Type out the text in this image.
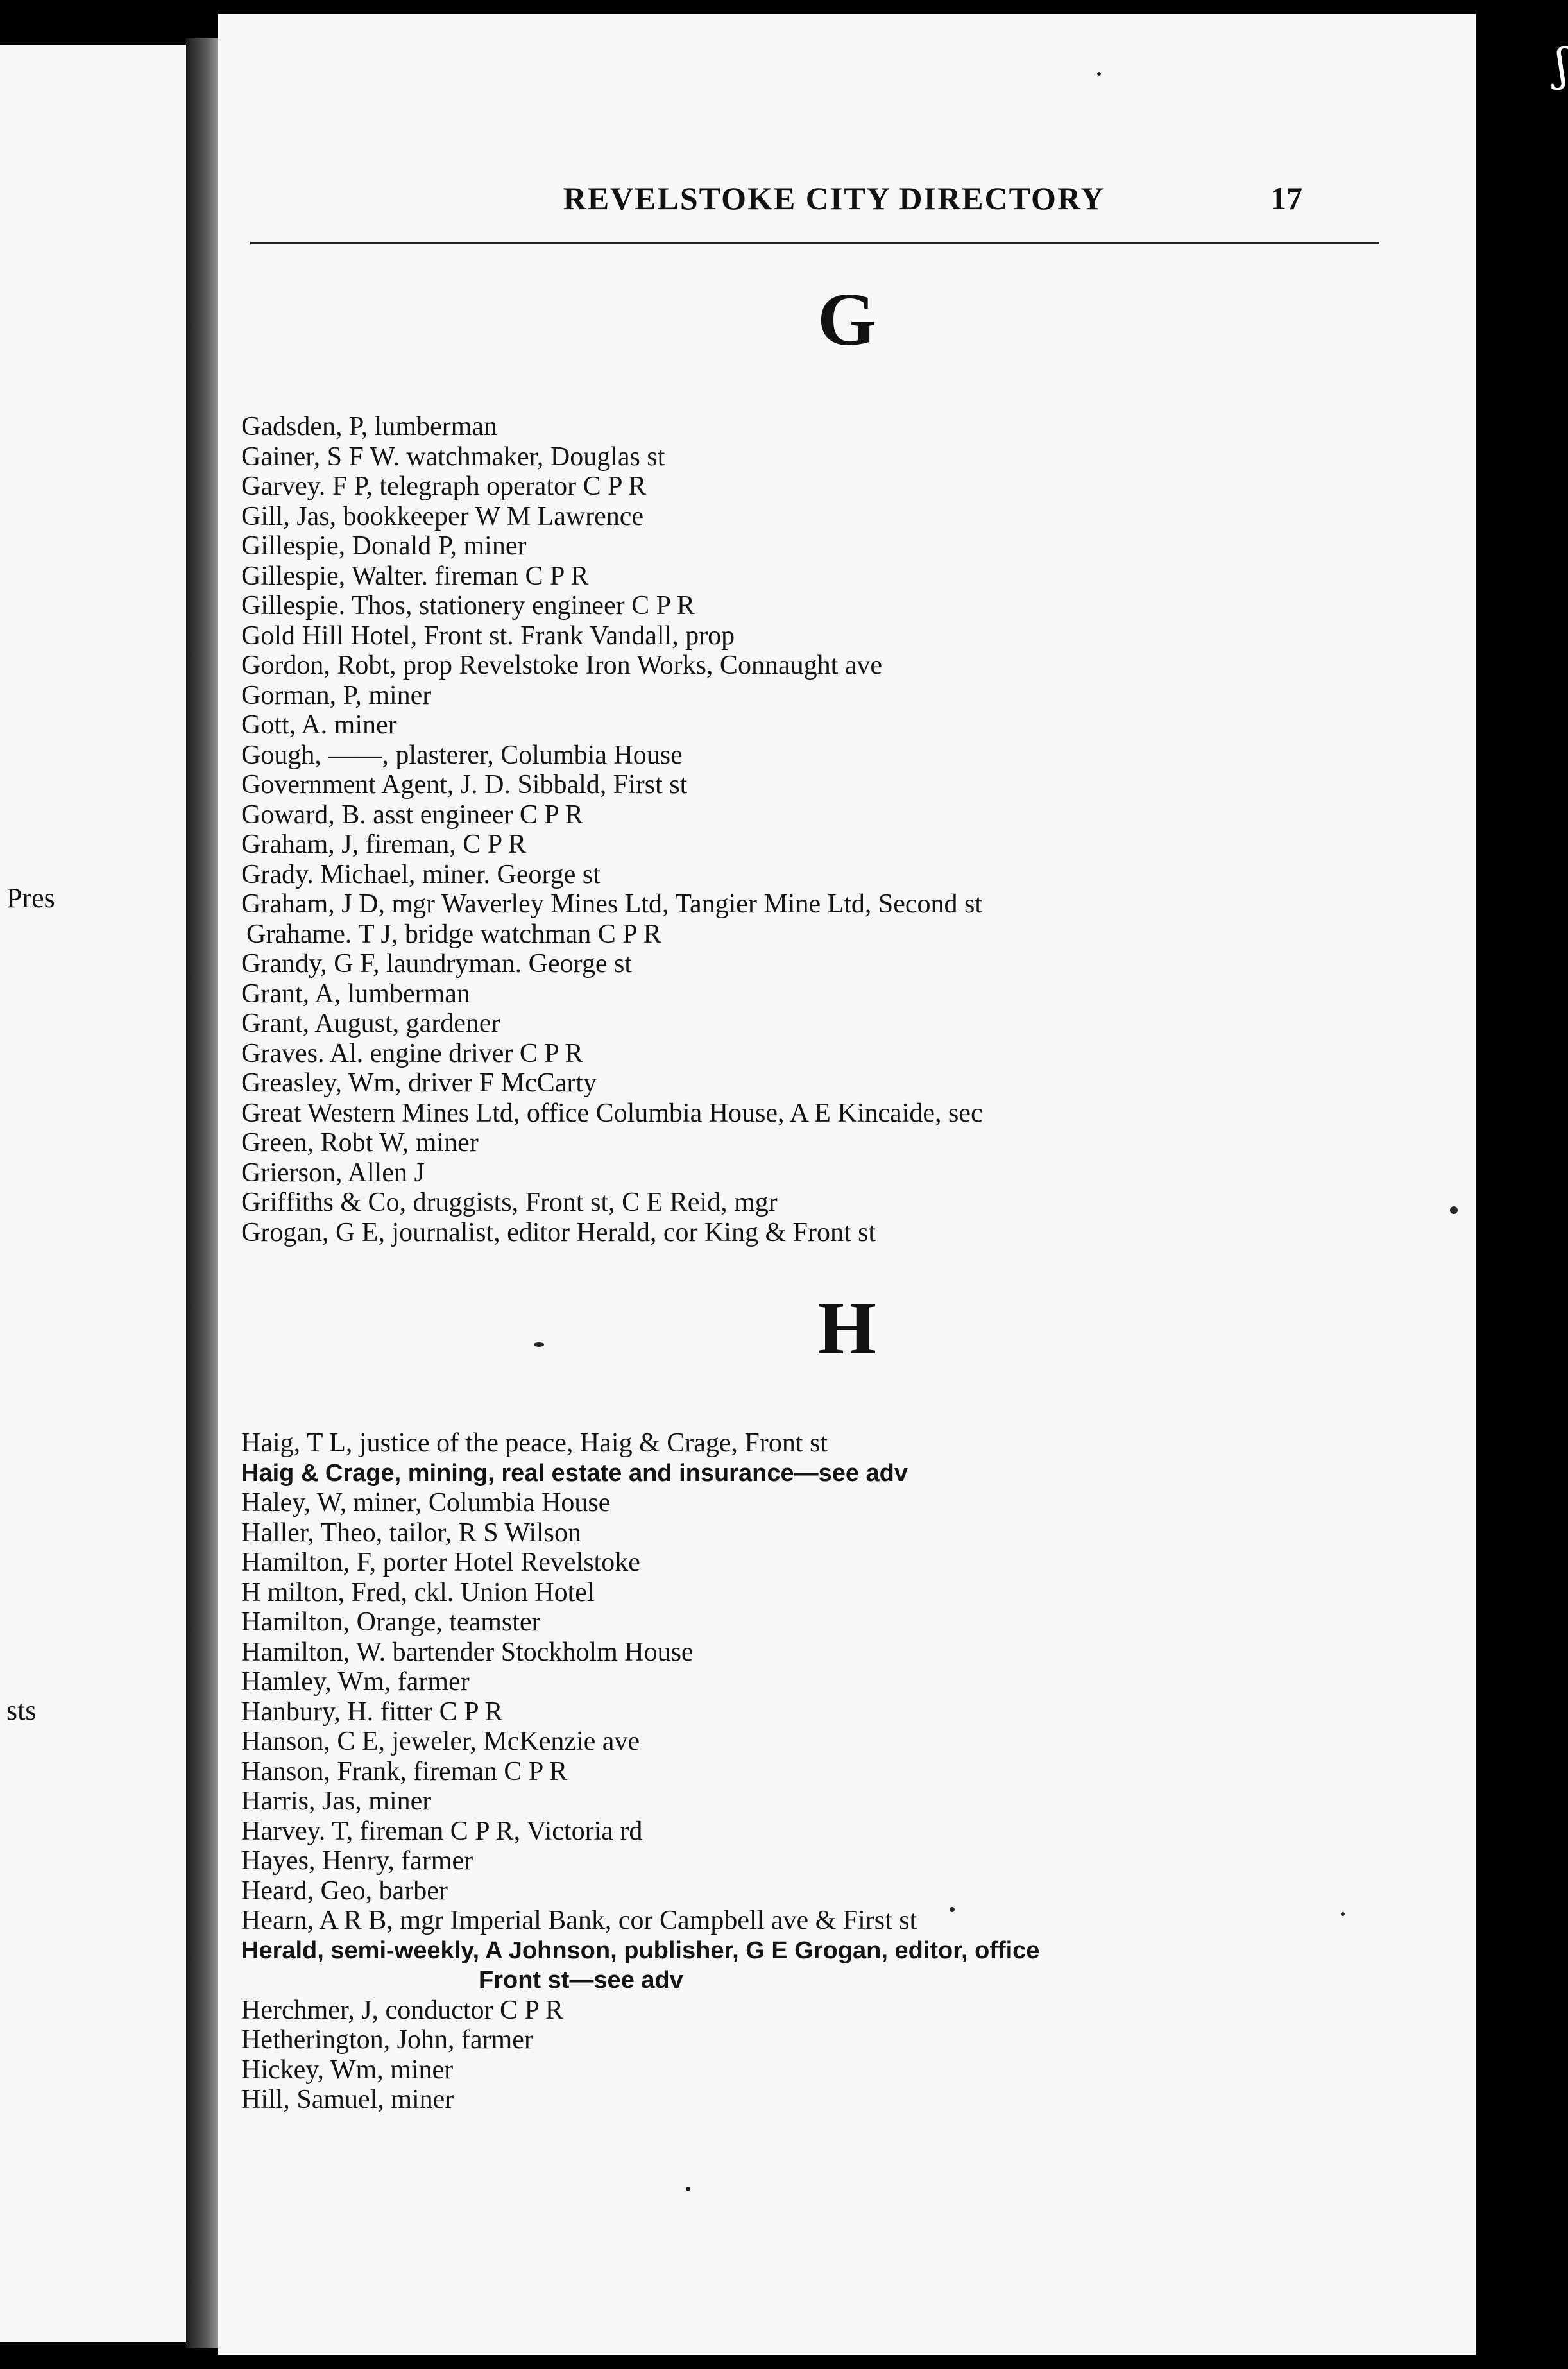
Pres
sts
REVELSTOKE CITY DIRECTORY	17
G
Gadsden, P, lumberman
Gainer, S F W. watchmaker, Douglas st
Garvey. F P, telegraph operator C P R
Gill, Jas, bookkeeper W M Lawrence
Gillespie, Donald P, miner
Gillespie, Walter. fireman C P R
Gillespie. Thos, stationery engineer C P R
Gold Hill Hotel, Front st. Frank Vandall, prop
Gordon, Robt, prop Revelstoke Iron Works, Connaught ave
Gorman, P, miner
Gott, A. miner
Gough, ——, plasterer, Columbia House
Government Agent, J. D. Sibbald, First st
Goward, B. asst engineer C P R
Graham, J, fireman, C P R
Grady. Michael, miner. George st
Graham, J D, mgr Waverley Mines Ltd, Tangier Mine Ltd, Second st
Grahame. T J, bridge watchman C P R
Grandy, G F, laundryman. George st
Grant, A, lumberman
Grant, August, gardener
Graves. Al. engine driver C P R
Greasley, Wm, driver F McCarty
Great Western Mines Ltd, office Columbia House, A E Kincaide, sec
Green, Robt W, miner
Grierson, Allen J
Griffiths & Co, druggists, Front st, C E Reid, mgr
Grogan, G E, journalist, editor Herald, cor King & Front st
H
Haig, T L, justice of the peace, Haig & Crage, Front st
Haig & Crage, mining, real estate and insurance—see adv
Haley, W, miner, Columbia House
Haller, Theo, tailor, R S Wilson
Hamilton, F, porter Hotel Revelstoke
H milton, Fred, ckl. Union Hotel
Hamilton, Orange, teamster
Hamilton, W. bartender Stockholm House
Hamley, Wm, farmer
Hanbury, H. fitter C P R
Hanson, C E, jeweler, McKenzie ave
Hanson, Frank, fireman C P R
Harris, Jas, miner
Harvey. T, fireman C P R, Victoria rd
Hayes, Henry, farmer
Heard, Geo, barber
Hearn, A R B, mgr Imperial Bank, cor Campbell ave & First st
Herald, semi-weekly, A Johnson, publisher, G E Grogan, editor, office
Front st—see adv
Herchmer, J, conductor C P R
Hetherington, John, farmer
Hickey, Wm, miner
Hill, Samuel, miner
ʃ
